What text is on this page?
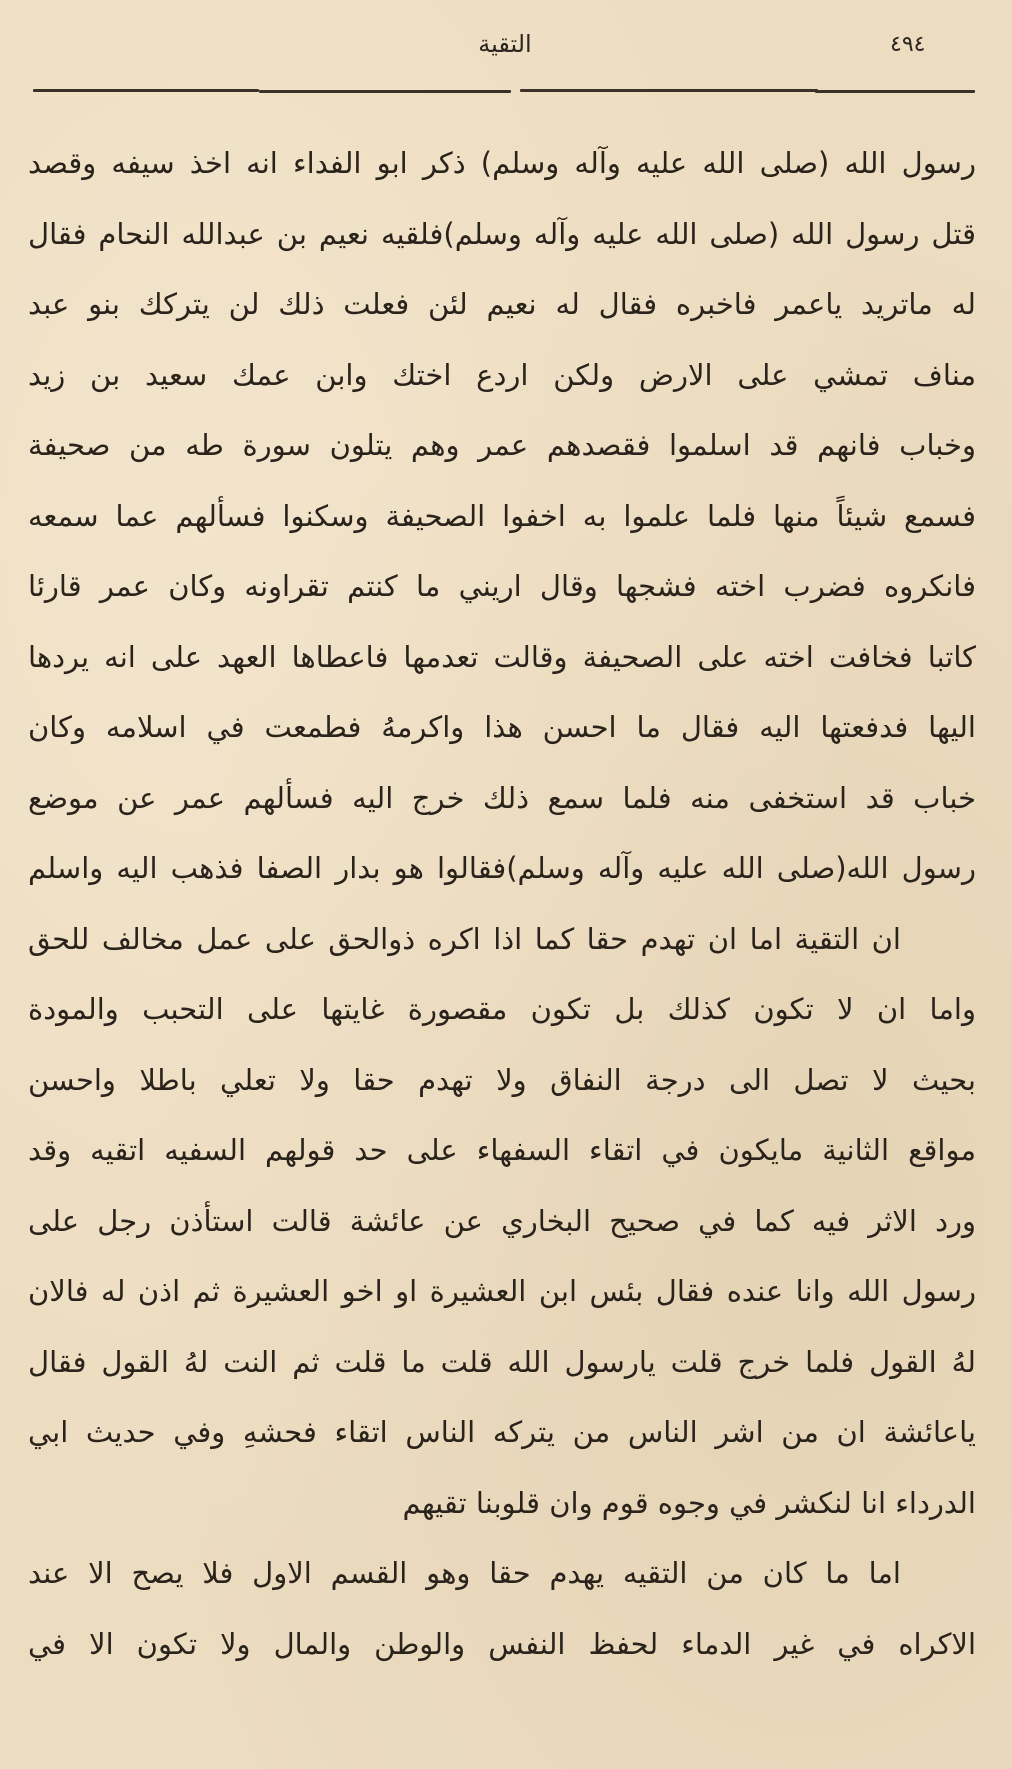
التقية	٤٩٤
رسول الله (صلى الله عليه وآله وسلم) ذكر ابو الفداء انه اخذ سيفه وقصد
قتل رسول الله (صلى الله عليه وآله وسلم)فلقيه نعيم بن عبدالله النحام فقال
له ماتريد ياعمر فاخبره فقال له نعيم لئن فعلت ذلك لن يتركك بنو عبد
مناف تمشي على الارض ولكن اردع اختك وابن عمك سعيد بن زيد
وخباب فانهم قد اسلموا فقصدهم عمر وهم يتلون سورة طه من صحيفة
فسمع شيئاً منها فلما علموا به اخفوا الصحيفة وسكنوا فسألهم عما سمعه
فانكروه فضرب اخته فشجها وقال اريني ما كنتم تقراونه وكان عمر قارئا
كاتبا فخافت اخته على الصحيفة وقالت تعدمها فاعطاها العهد على انه يردها
اليها فدفعتها اليه فقال ما احسن هذا واكرمهُ فطمعت في اسلامه وكان
خباب قد استخفى منه فلما سمع ذلك خرج اليه فسألهم عمر عن موضع
رسول الله(صلى الله عليه وآله وسلم)فقالوا هو بدار الصفا فذهب اليه واسلم
ان التقية اما ان تهدم حقا كما اذا اكره ذوالحق على عمل مخالف للحق
واما ان لا تكون كذلك بل تكون مقصورة غايتها على التحبب والمودة
بحيث لا تصل الى درجة النفاق ولا تهدم حقا ولا تعلي باطلا واحسن
مواقع الثانية مايكون في اتقاء السفهاء على حد قولهم السفيه اتقيه وقد
ورد الاثر فيه كما في صحيح البخاري عن عائشة قالت استأذن رجل على
رسول الله وانا عنده فقال بئس ابن العشيرة او اخو العشيرة ثم اذن له فالان
لهُ القول فلما خرج قلت يارسول الله قلت ما قلت ثم النت لهُ القول فقال
ياعائشة ان من اشر الناس من يتركه الناس اتقاء فحشهِ وفي حديث ابي
الدرداء انا لنكشر في وجوه قوم وان قلوبنا تقيهم
اما ما كان من التقيه يهدم حقا وهو القسم الاول فلا يصح الا عند
الاكراه في غير الدماء لحفظ النفس والوطن والمال ولا تكون الا في
